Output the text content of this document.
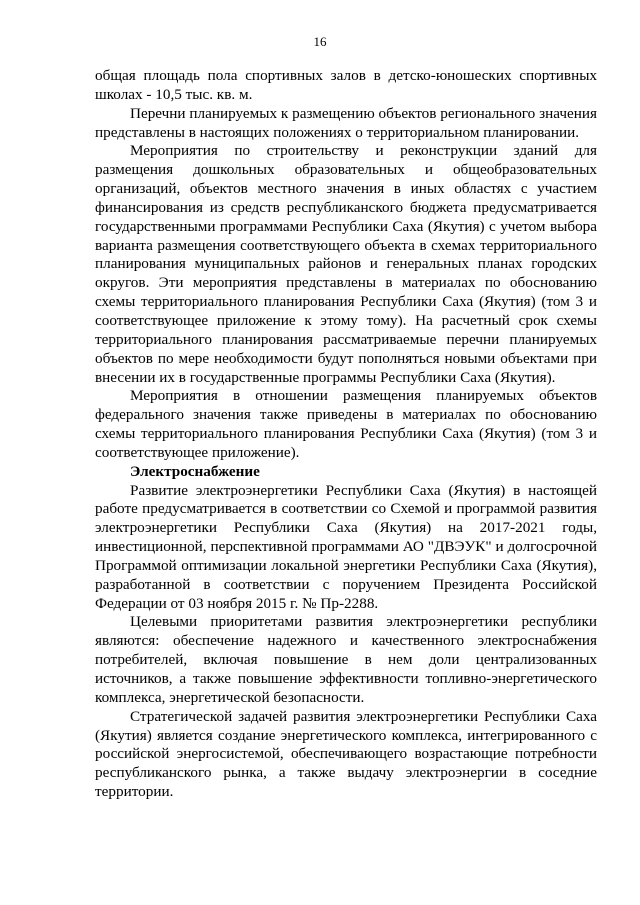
16

общая площадь пола спортивных залов в детско-юношеских спортивных школах - 10,5 тыс. кв. м.

Перечни планируемых к размещению объектов регионального значения представлены в настоящих положениях о территориальном планировании.

Мероприятия по строительству и реконструкции зданий для размещения дошкольных образовательных и общеобразовательных организаций, объектов местного значения в иных областях с участием финансирования из средств республиканского бюджета предусматривается государственными программами Республики Саха (Якутия) с учетом выбора варианта размещения соответствующего объекта в схемах территориального планирования муниципальных районов и генеральных планах городских округов. Эти мероприятия представлены в материалах по обоснованию схемы территориального планирования Республики Саха (Якутия) (том 3 и соответствующее приложение к этому тому). На расчетный срок схемы территориального планирования рассматриваемые перечни планируемых объектов по мере необходимости будут пополняться новыми объектами при внесении их в государственные программы Республики Саха (Якутия).

Мероприятия в отношении размещения планируемых объектов федерального значения также приведены в материалах по обоснованию схемы территориального планирования Республики Саха (Якутия) (том 3 и соответствующее приложение).

Электроснабжение

Развитие электроэнергетики Республики Саха (Якутия) в настоящей работе предусматривается в соответствии со Схемой и программой развития электроэнергетики Республики Саха (Якутия) на 2017-2021 годы, инвестиционной, перспективной программами АО "ДВЭУК" и долгосрочной Программой оптимизации локальной энергетики Республики Саха (Якутия), разработанной в соответствии с поручением Президента Российской Федерации от 03 ноября 2015 г. № Пр-2288.

Целевыми приоритетами развития электроэнергетики республики являются: обеспечение надежного и качественного электроснабжения потребителей, включая повышение в нем доли централизованных источников, а также повышение эффективности топливно-энергетического комплекса, энергетической безопасности.

Стратегической задачей развития электроэнергетики Республики Саха (Якутия) является создание энергетического комплекса, интегрированного с российской энергосистемой, обеспечивающего возрастающие потребности республиканского рынка, а также выдачу электроэнергии в соседние территории.
